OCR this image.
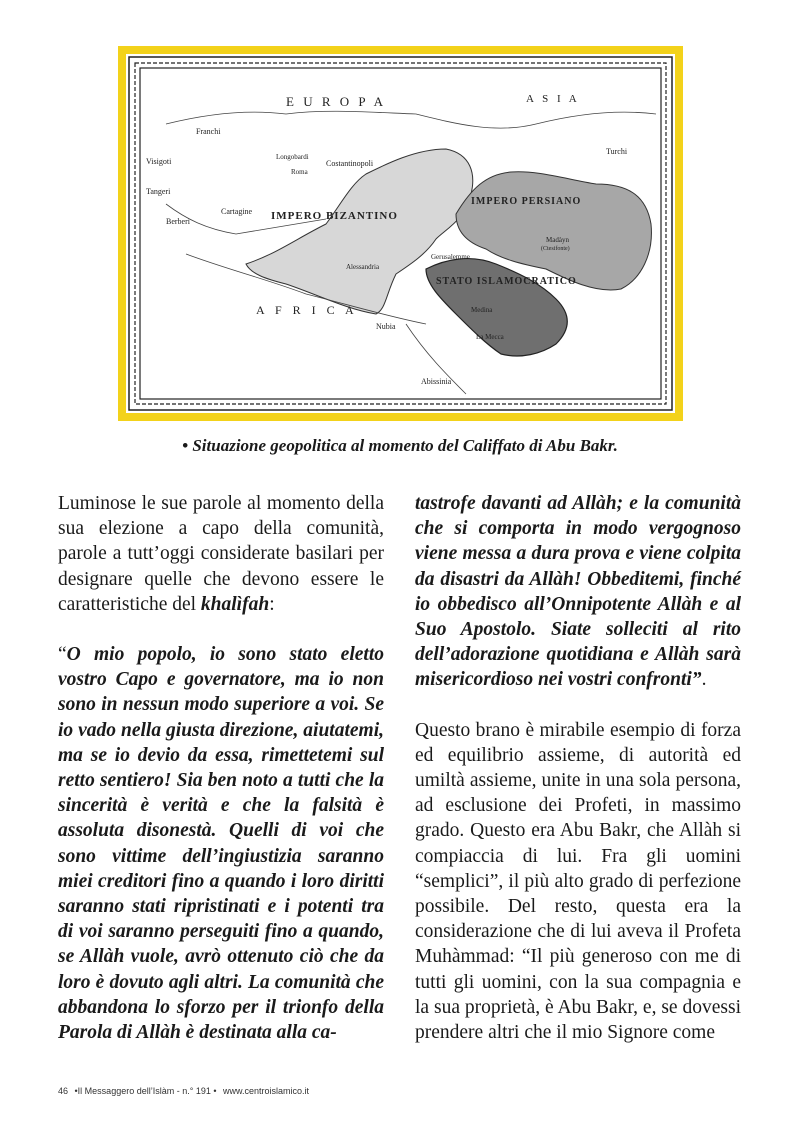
E U R O P A	A S I A
A F R I C A
Franchi
Visigoti	Longobardi
Roma
Costantinopoli
Tangeri
Cartagine
Berberi	IMPERO BIZANTINO
IMPERO PERSIANO
Madàyn
(Ctesifonte)
Gerusalemme
Alessandria
STATO ISLAMOCRATICO
Medina
La Mecca
Nubia
Abissinia
Turchi
• Situazione geopolitica al momento del Califfato di Abu Bakr.

Luminose le sue parole al momento della sua elezione a capo della comunità, parole a tutt’oggi considerate basilari per designare quelle che devono essere le caratteristiche del khalìfah:

“O mio popolo, io sono stato eletto vostro Capo e governatore, ma io non sono in nessun modo superiore a voi. Se io vado nella giusta direzione, aiutatemi, ma se io devio da essa, rimettetemi sul retto sentiero! Sia ben noto a tutti che la sincerità è verità e che la falsità è assoluta disonestà. Quelli di voi che sono vittime dell’ingiustizia saranno miei creditori fino a quando i loro diritti saranno stati ripristinati e i potenti tra di voi saranno perseguiti fino a quando, se Allàh vuole, avrò ottenuto ciò che da loro è dovuto agli altri. La comunità che abbandona lo sforzo per il trionfo della Parola di Allàh è destinata alla ca-

tastrofe davanti ad Allàh; e la comunità che si comporta in modo vergognoso viene messa a dura prova e viene colpita da disastri da Allàh! Obbeditemi, finché io obbedisco all’Onnipotente Allàh e al Suo Apostolo. Siate solleciti al rito dell’adorazione quotidiana e Allàh sarà misericordioso nei vostri confronti”.

Questo brano è mirabile esempio di forza ed equilibrio assieme, di autorità ed umiltà assieme, unite in una sola persona, ad esclusione dei Profeti, in massimo grado. Questo era Abu Bakr, che Allàh si compiaccia di lui. Fra gli uomini “semplici”, il più alto grado di perfezione possibile. Del resto, questa era la considerazione che di lui aveva il Profeta Muhàmmad: “Il più generoso con me di tutti gli uomini, con la sua compagnia e la sua proprietà, è Abu Bakr, e, se dovessi prendere altri che il mio Signore come

46 •Il Messaggero dell’Islàm - n.° 191 • www.centroislamico.it
